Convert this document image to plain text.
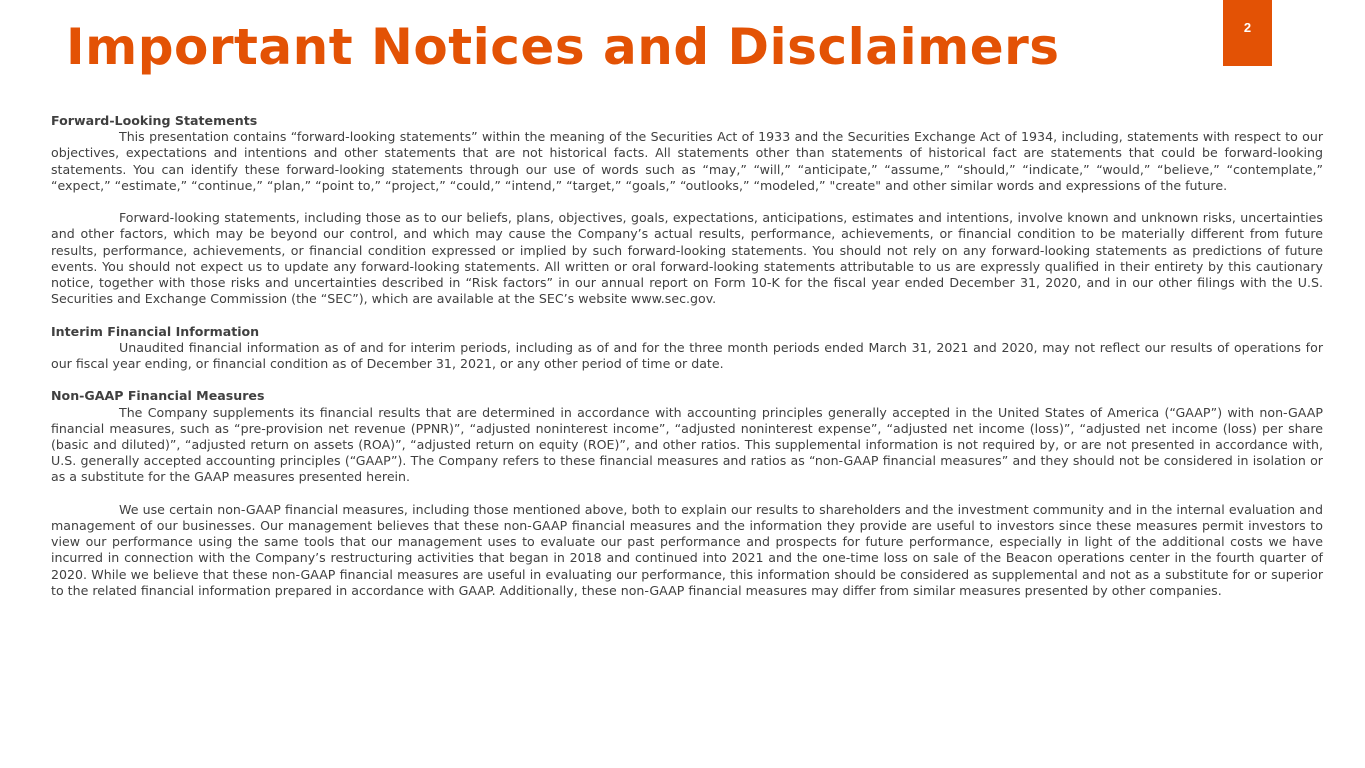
Important Notices and Disclaimers	2

Forward-Looking Statements

This presentation contains “forward-looking statements” within the meaning of the Securities Act of 1933 and the Securities Exchange Act of 1934, including, statements with respect to our objectives, expectations and intentions and other statements that are not historical facts. All statements other than statements of historical fact are statements that could be forward-looking statements. You can identify these forward-looking statements through our use of words such as “may,” “will,” “anticipate,” “assume,” “should,” “indicate,” “would,” “believe,” “contemplate,” “expect,” “estimate,” “continue,” “plan,” “point to,” “project,” “could,” “intend,” “target,” “goals,” “outlooks,” “modeled,” "create" and other similar words and expressions of the future.

Forward-looking statements, including those as to our beliefs, plans, objectives, goals, expectations, anticipations, estimates and intentions, involve known and unknown risks, uncertainties and other factors, which may be beyond our control, and which may cause the Company’s actual results, performance, achievements, or financial condition to be materially different from future results, performance, achievements, or financial condition expressed or implied by such forward-looking statements. You should not rely on any forward-looking statements as predictions of future events. You should not expect us to update any forward-looking statements. All written or oral forward-looking statements attributable to us are expressly qualified in their entirety by this cautionary notice, together with those risks and uncertainties described in “Risk factors” in our annual report on Form 10-K for the fiscal year ended December 31, 2020, and in our other filings with the U.S. Securities and Exchange Commission (the “SEC”), which are available at the SEC’s website www.sec.gov.

Interim Financial Information

Unaudited financial information as of and for interim periods, including as of and for the three month periods ended March 31, 2021 and 2020, may not reflect our results of operations for our fiscal year ending, or financial condition as of December 31, 2021, or any other period of time or date.

Non-GAAP Financial Measures

The Company supplements its financial results that are determined in accordance with accounting principles generally accepted in the United States of America (“GAAP”) with non-GAAP financial measures, such as “pre-provision net revenue (PPNR)”, “adjusted noninterest income”, “adjusted noninterest expense”, “adjusted net income (loss)”, “adjusted net income (loss) per share (basic and diluted)”, “adjusted return on assets (ROA)”, “adjusted return on equity (ROE)”, and other ratios. This supplemental information is not required by, or are not presented in accordance with, U.S. generally accepted accounting principles (“GAAP”). The Company refers to these financial measures and ratios as “non-GAAP financial measures” and they should not be considered in isolation or as a substitute for the GAAP measures presented herein.

We use certain non-GAAP financial measures, including those mentioned above, both to explain our results to shareholders and the investment community and in the internal evaluation and management of our businesses. Our management believes that these non-GAAP financial measures and the information they provide are useful to investors since these measures permit investors to view our performance using the same tools that our management uses to evaluate our past performance and prospects for future performance, especially in light of the additional costs we have incurred in connection with the Company’s restructuring activities that began in 2018 and continued into 2021 and the one-time loss on sale of the Beacon operations center in the fourth quarter of 2020. While we believe that these non-GAAP financial measures are useful in evaluating our performance, this information should be considered as supplemental and not as a substitute for or superior to the related financial information prepared in accordance with GAAP. Additionally, these non-GAAP financial measures may differ from similar measures presented by other companies.
